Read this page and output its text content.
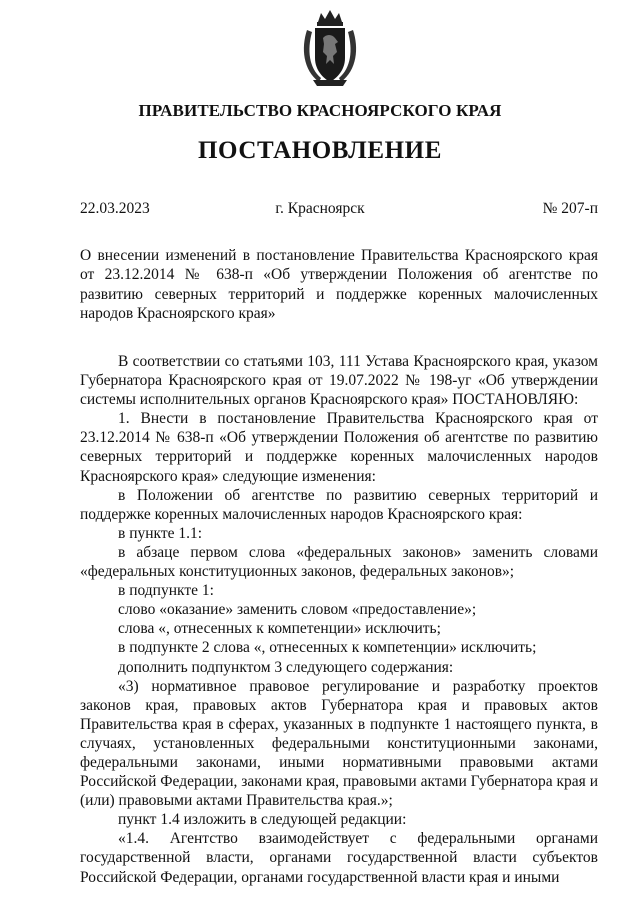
ПРАВИТЕЛЬСТВО КРАСНОЯРСКОГО КРАЯ
ПОСТАНОВЛЕНИЕ
22.03.2023	г. Красноярск	№ 207-п
О внесении изменений в постановление Правительства Красноярского края от 23.12.2014 № 638-п «Об утверждении Положения об агентстве по развитию северных территорий и поддержке коренных малочисленных народов Красноярского края»

В соответствии со статьями 103, 111 Устава Красноярского края, указом Губернатора Красноярского края от 19.07.2022 № 198-уг «Об утверждении системы исполнительных органов Красноярского края» ПОСТАНОВЛЯЮ:

1. Внести в постановление Правительства Красноярского края от 23.12.2014 № 638-п «Об утверждении Положения об агентстве по развитию северных территорий и поддержке коренных малочисленных народов Красноярского края» следующие изменения:

в Положении об агентстве по развитию северных территорий и поддержке коренных малочисленных народов Красноярского края:

в пункте 1.1:

в абзаце первом слова «федеральных законов» заменить словами «федеральных конституционных законов, федеральных законов»;

в подпункте 1:

слово «оказание» заменить словом «предоставление»;

слова «, отнесенных к компетенции» исключить;

в подпункте 2 слова «, отнесенных к компетенции» исключить;

дополнить подпунктом 3 следующего содержания:

«3) нормативное правовое регулирование и разработку проектов законов края, правовых актов Губернатора края и правовых актов Правительства края в сферах, указанных в подпункте 1 настоящего пункта, в случаях, установленных федеральными конституционными законами, федеральными законами, иными нормативными правовыми актами Российской Федерации, законами края, правовыми актами Губернатора края и (или) правовыми актами Правительства края.»;

пункт 1.4 изложить в следующей редакции:

«1.4. Агентство взаимодействует с федеральными органами государственной власти, органами государственной власти субъектов Российской Федерации, органами государственной власти края и иными
